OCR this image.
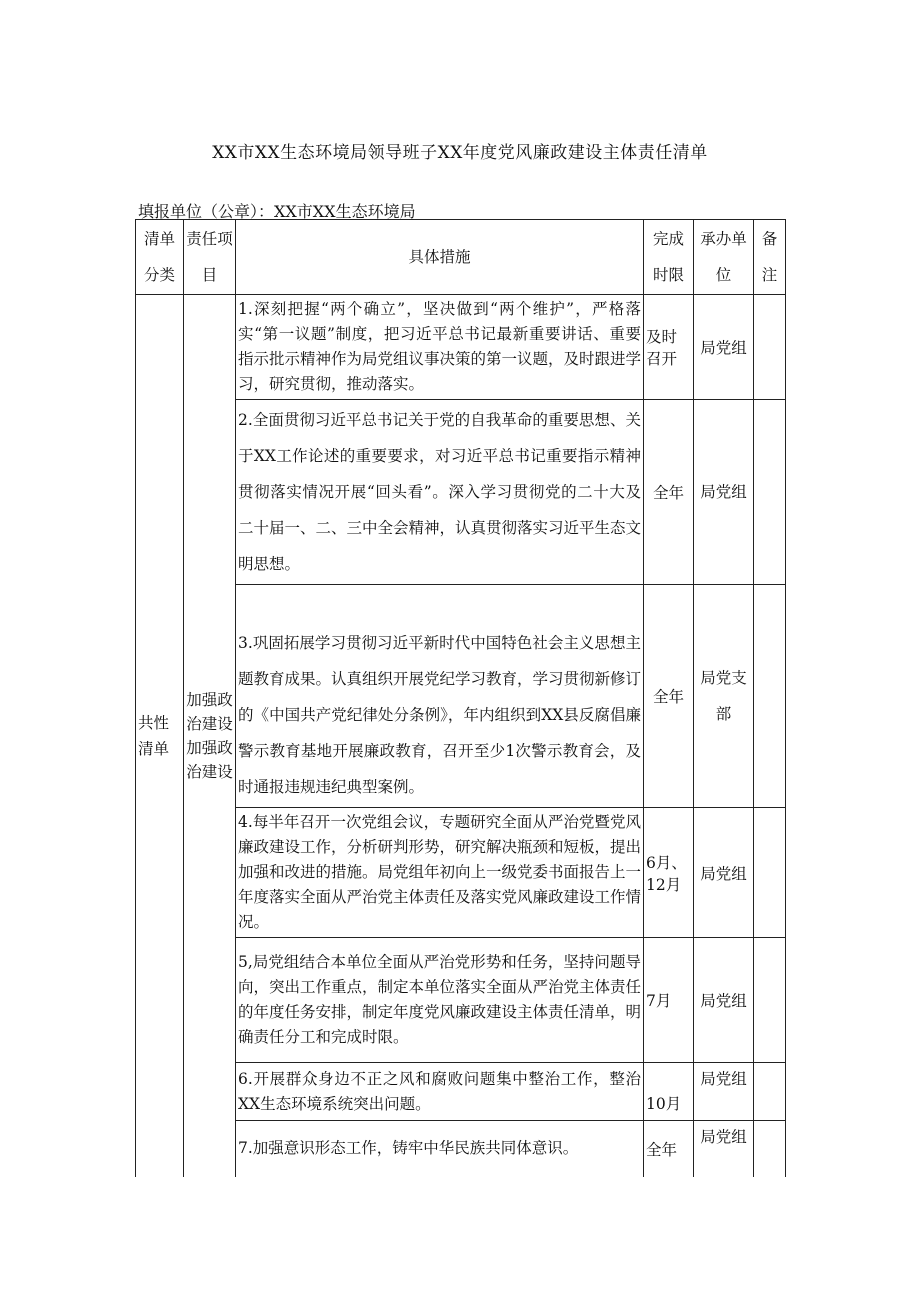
XX市XX生态环境局领导班子XX年度党风廉政建设主体责任清单
填报单位（公章）：XX市XX生态环境局
清单分类	责任项目	具体措施	完成时限	承办单位	备注
共性清单	加强政治建设加强政治建设	1.深刻把握“两个确立”，坚决做到“两个维护”，严格落实“第一议题”制度，把习近平总书记最新重要讲话、重要指示批示精神作为局党组议事决策的第一议题，及时跟进学习，研究贯彻，推动落实。	及时召开	局党组	
		2.全面贯彻习近平总书记关于党的自我革命的重要思想、关于XX工作论述的重要要求，对习近平总书记重要指示精神贯彻落实情况开展“回头看”。深入学习贯彻党的二十大及二十届一、二、三中全会精神，认真贯彻落实习近平生态文明思想。	全年	局党组	
		3.巩固拓展学习贯彻习近平新时代中国特色社会主义思想主题教育成果。认真组织开展党纪学习教育，学习贯彻新修订的《中国共产党纪律处分条例》，年内组织到XX县反腐倡廉警示教育基地开展廉政教育，召开至少1次警示教育会，及时通报违规违纪典型案例。	全年	局党支部	
		4.每半年召开一次党组会议，专题研究全面从严治党暨党风廉政建设工作，分析研判形势，研究解决瓶颈和短板，提出加强和改进的措施。局党组年初向上一级党委书面报告上一年度落实全面从严治党主体责任及落实党风廉政建设工作情况。	6月、12月	局党组	
		5,局党组结合本单位全面从严治党形势和任务，坚持问题导向，突出工作重点，制定本单位落实全面从严治党主体责任的年度任务安排，制定年度党风廉政建设主体责任清单，明确责任分工和完成时限。	7月	局党组	
		6.开展群众身边不正之风和腐败问题集中整治工作，整治XX生态环境系统突出问题。	10月	局党组	
		7.加强意识形态工作，铸牢中华民族共同体意识。	全年	局党组	
